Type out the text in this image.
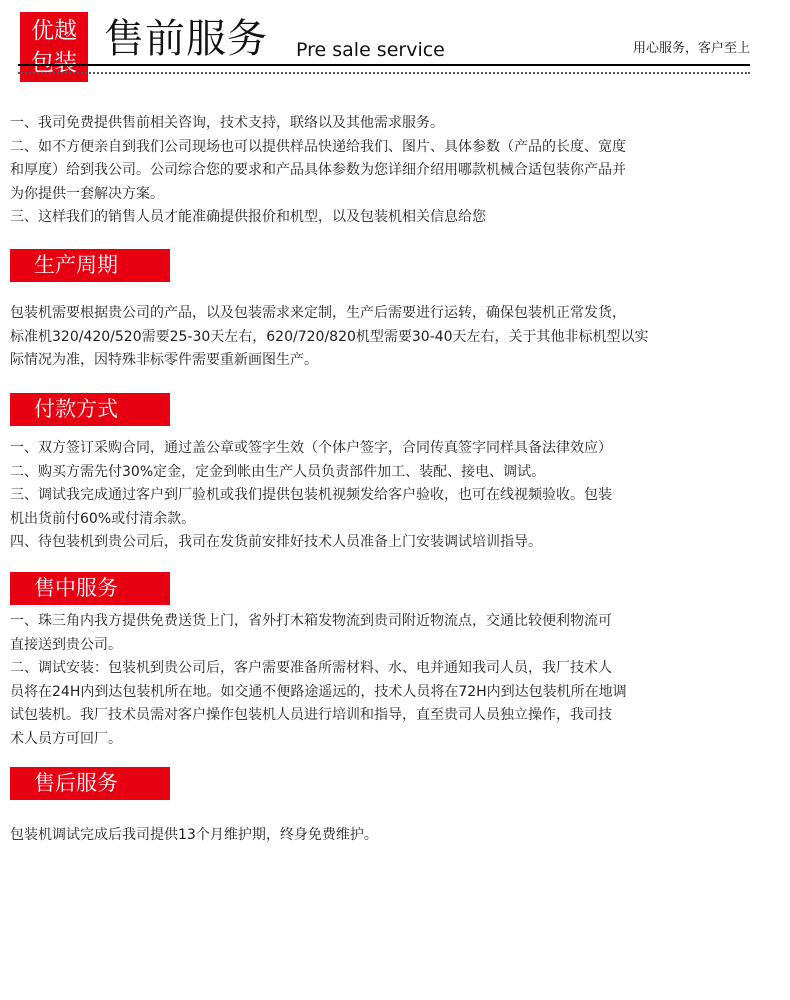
优越
包装
售前服务 Pre sale service	用心服务，客户至上
一、我司免费提供售前相关咨询，技术支持，联络以及其他需求服务。
二、如不方便亲自到我们公司现场也可以提供样品快递给我们、图片、具体参数（产品的长度、宽度
和厚度）给到我公司。公司综合您的要求和产品具体参数为您详细介绍用哪款机械合适包装你产品并
为你提供一套解决方案。
三、这样我们的销售人员才能准确提供报价和机型，以及包装机相关信息给您
生产周期
包装机需要根据贵公司的产品，以及包装需求来定制，生产后需要进行运转，确保包装机正常发货，
标准机320/420/520需要25-30天左右，620/720/820机型需要30-40天左右，关于其他非标机型以实
际情况为准，因特殊非标零件需要重新画图生产。
付款方式
一、双方签订采购合同，通过盖公章或签字生效（个体户签字，合同传真签字同样具备法律效应）
二、购买方需先付30%定金，定金到帐由生产人员负责部件加工、装配、接电、调试。
三、调试我完成通过客户到厂验机或我们提供包装机视频发给客户验收，也可在线视频验收。包装
机出货前付60%或付清余款。
四、待包装机到贵公司后，我司在发货前安排好技术人员准备上门安装调试培训指导。
售中服务
一、珠三角内我方提供免费送货上门，省外打木箱发物流到贵司附近物流点，交通比较便利物流可
直接送到贵公司。
二、调试安装：包装机到贵公司后，客户需要准备所需材料、水、电并通知我司人员，我厂技术人
员将在24H内到达包装机所在地。如交通不便路途遥远的，技术人员将在72H内到达包装机所在地调
试包装机。我厂技术员需对客户操作包装机人员进行培训和指导，直至贵司人员独立操作，我司技
术人员方可回厂。
售后服务
包装机调试完成后我司提供13个月维护期，终身免费维护。
